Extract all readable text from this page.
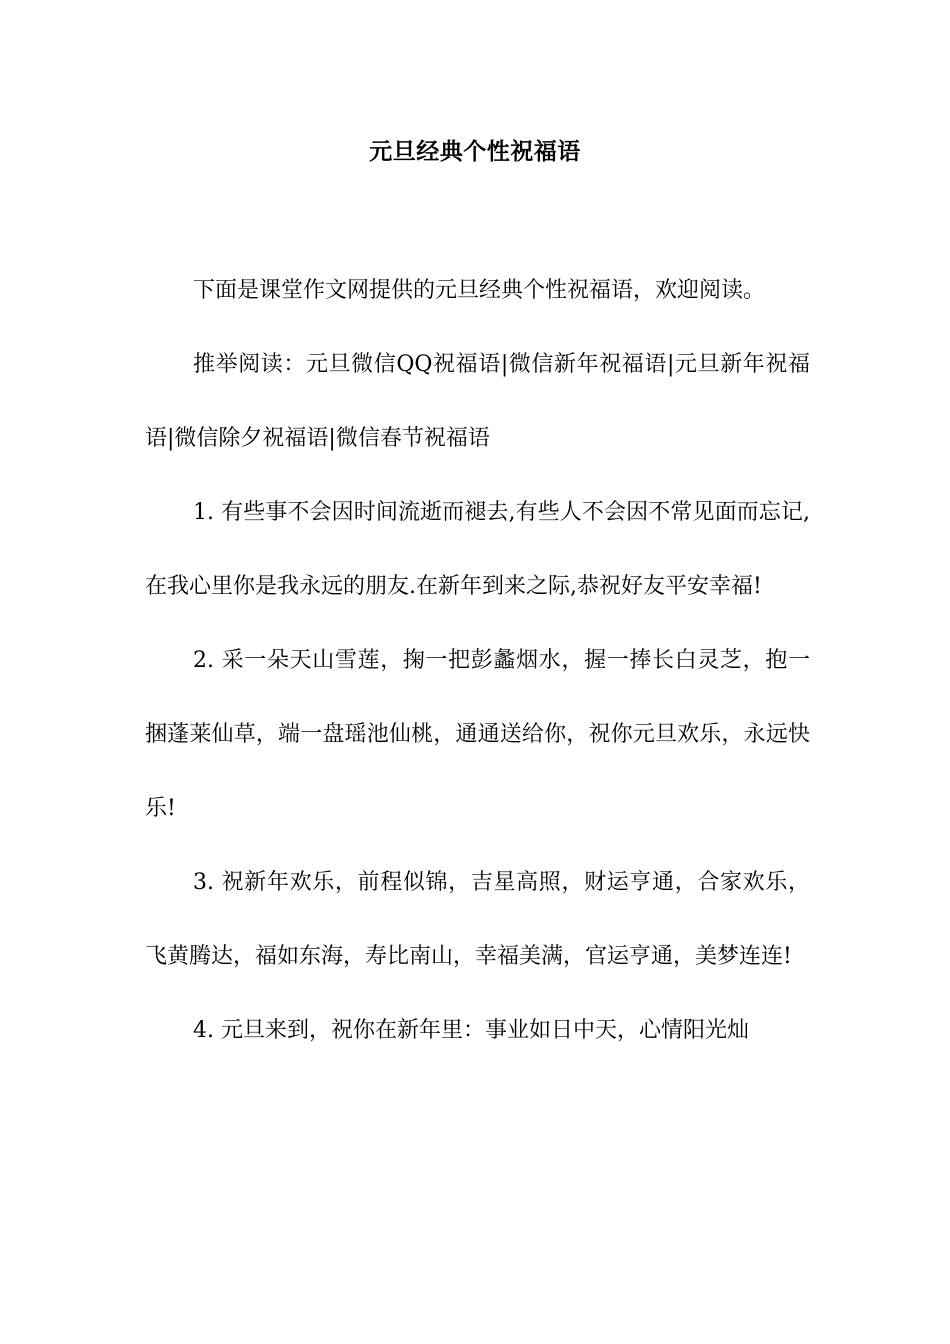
元旦经典个性祝福语

下面是课堂作文网提供的元旦经典个性祝福语，欢迎阅读。

推举阅读：元旦微信QQ祝福语|微信新年祝福语|元旦新年祝福语|微信除夕祝福语|微信春节祝福语

1. 有些事不会因时间流逝而褪去,有些人不会因不常见面而忘记,在我心里你是我永远的朋友.在新年到来之际,恭祝好友平安幸福!

2. 采一朵天山雪莲，掬一把彭蠡烟水，握一捧长白灵芝，抱一捆蓬莱仙草，端一盘瑶池仙桃，通通送给你，祝你元旦欢乐，永远快乐!

3. 祝新年欢乐，前程似锦，吉星高照，财运亨通，合家欢乐，飞黄腾达，福如东海，寿比南山，幸福美满，官运亨通，美梦连连!

4. 元旦来到，祝你在新年里：事业如日中天，心情阳光灿
